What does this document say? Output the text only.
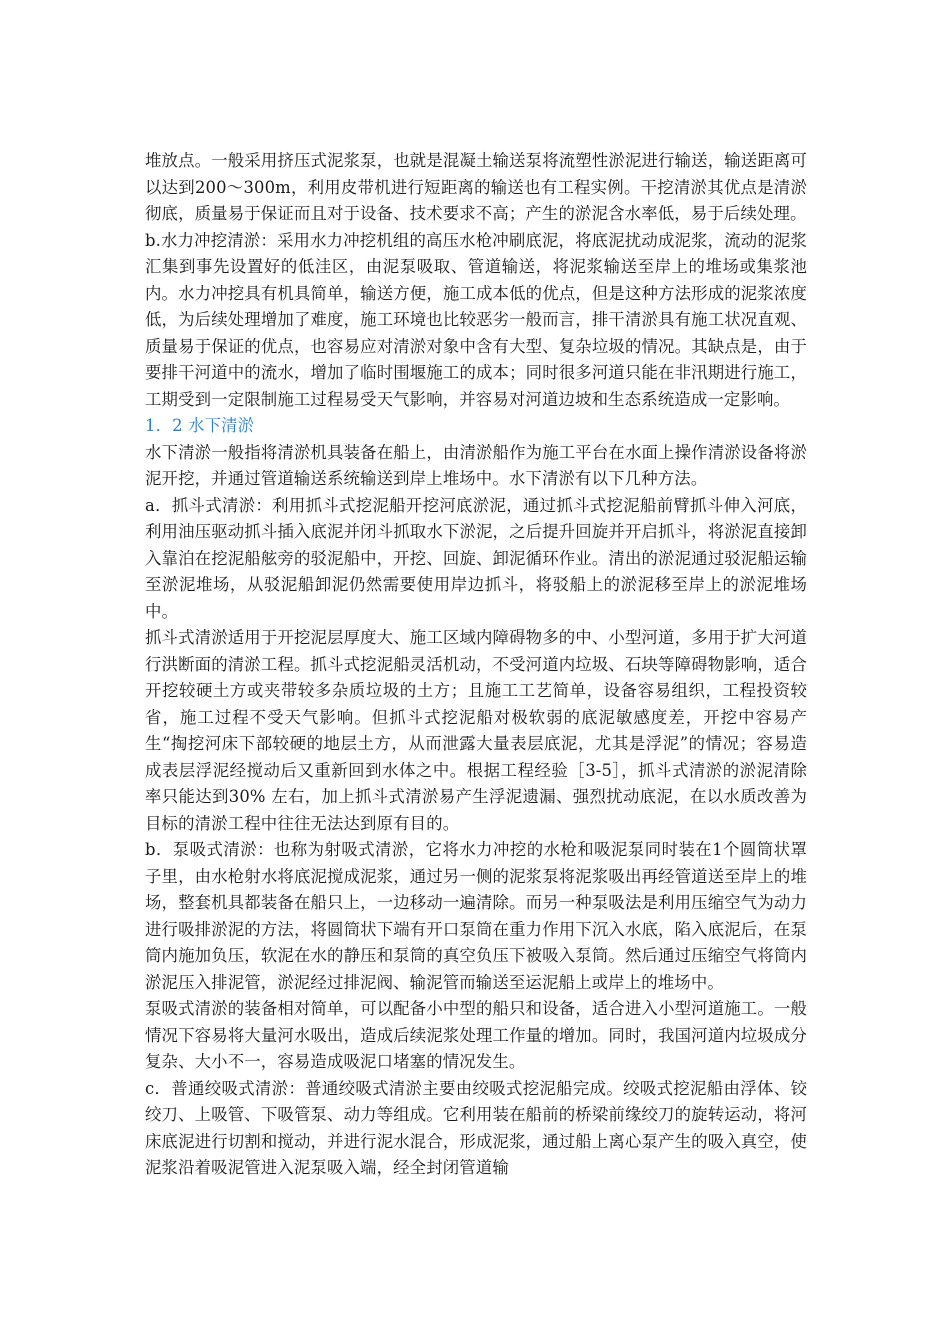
堆放点。一般采用挤压式泥浆泵，也就是混凝土输送泵将流塑性淤泥进行输送，输送距离可以达到200～300m，利用皮带机进行短距离的输送也有工程实例。干挖清淤其优点是清淤彻底，质量易于保证而且对于设备、技术要求不高；产生的淤泥含水率低，易于后续处理。

b.水力冲挖清淤：采用水力冲挖机组的高压水枪冲刷底泥，将底泥扰动成泥浆，流动的泥浆汇集到事先设置好的低洼区，由泥泵吸取、管道输送，将泥浆输送至岸上的堆场或集浆池内。水力冲挖具有机具简单，输送方便，施工成本低的优点，但是这种方法形成的泥浆浓度低，为后续处理增加了难度，施工环境也比较恶劣一般而言，排干清淤具有施工状况直观、质量易于保证的优点，也容易应对清淤对象中含有大型、复杂垃圾的情况。其缺点是，由于要排干河道中的流水，增加了临时围堰施工的成本；同时很多河道只能在非汛期进行施工，工期受到一定限制施工过程易受天气影响，并容易对河道边坡和生态系统造成一定影响。

1．2 水下清淤

水下清淤一般指将清淤机具装备在船上，由清淤船作为施工平台在水面上操作清淤设备将淤泥开挖，并通过管道输送系统输送到岸上堆场中。水下清淤有以下几种方法。

a．抓斗式清淤：利用抓斗式挖泥船开挖河底淤泥，通过抓斗式挖泥船前臂抓斗伸入河底，利用油压驱动抓斗插入底泥并闭斗抓取水下淤泥，之后提升回旋并开启抓斗，将淤泥直接卸入靠泊在挖泥船舷旁的驳泥船中，开挖、回旋、卸泥循环作业。清出的淤泥通过驳泥船运输至淤泥堆场，从驳泥船卸泥仍然需要使用岸边抓斗，将驳船上的淤泥移至岸上的淤泥堆场中。

抓斗式清淤适用于开挖泥层厚度大、施工区域内障碍物多的中、小型河道，多用于扩大河道行洪断面的清淤工程。抓斗式挖泥船灵活机动，不受河道内垃圾、石块等障碍物影响，适合开挖较硬土方或夹带较多杂质垃圾的土方；且施工工艺简单，设备容易组织，工程投资较省，施工过程不受天气影响。但抓斗式挖泥船对极软弱的底泥敏感度差，开挖中容易产生“掏挖河床下部较硬的地层土方，从而泄露大量表层底泥，尤其是浮泥”的情况；容易造成表层浮泥经搅动后又重新回到水体之中。根据工程经验［3-5］，抓斗式清淤的淤泥清除率只能达到30% 左右，加上抓斗式清淤易产生浮泥遗漏、强烈扰动底泥，在以水质改善为目标的清淤工程中往往无法达到原有目的。

b．泵吸式清淤：也称为射吸式清淤，它将水力冲挖的水枪和吸泥泵同时装在1个圆筒状罩子里，由水枪射水将底泥搅成泥浆，通过另一侧的泥浆泵将泥浆吸出再经管道送至岸上的堆场，整套机具都装备在船只上，一边移动一遍清除。而另一种泵吸法是利用压缩空气为动力进行吸排淤泥的方法，将圆筒状下端有开口泵筒在重力作用下沉入水底，陷入底泥后，在泵筒内施加负压，软泥在水的静压和泵筒的真空负压下被吸入泵筒。然后通过压缩空气将筒内淤泥压入排泥管，淤泥经过排泥阀、输泥管而输送至运泥船上或岸上的堆场中。

泵吸式清淤的装备相对简单，可以配备小中型的船只和设备，适合进入小型河道施工。一般情况下容易将大量河水吸出，造成后续泥浆处理工作量的增加。同时，我国河道内垃圾成分复杂、大小不一，容易造成吸泥口堵塞的情况发生。

c．普通绞吸式清淤：普通绞吸式清淤主要由绞吸式挖泥船完成。绞吸式挖泥船由浮体、铰绞刀、上吸管、下吸管泵、动力等组成。它利用装在船前的桥梁前缘绞刀的旋转运动，将河床底泥进行切割和搅动，并进行泥水混合，形成泥浆，通过船上离心泵产生的吸入真空，使泥浆沿着吸泥管进入泥泵吸入端，经全封闭管道输
